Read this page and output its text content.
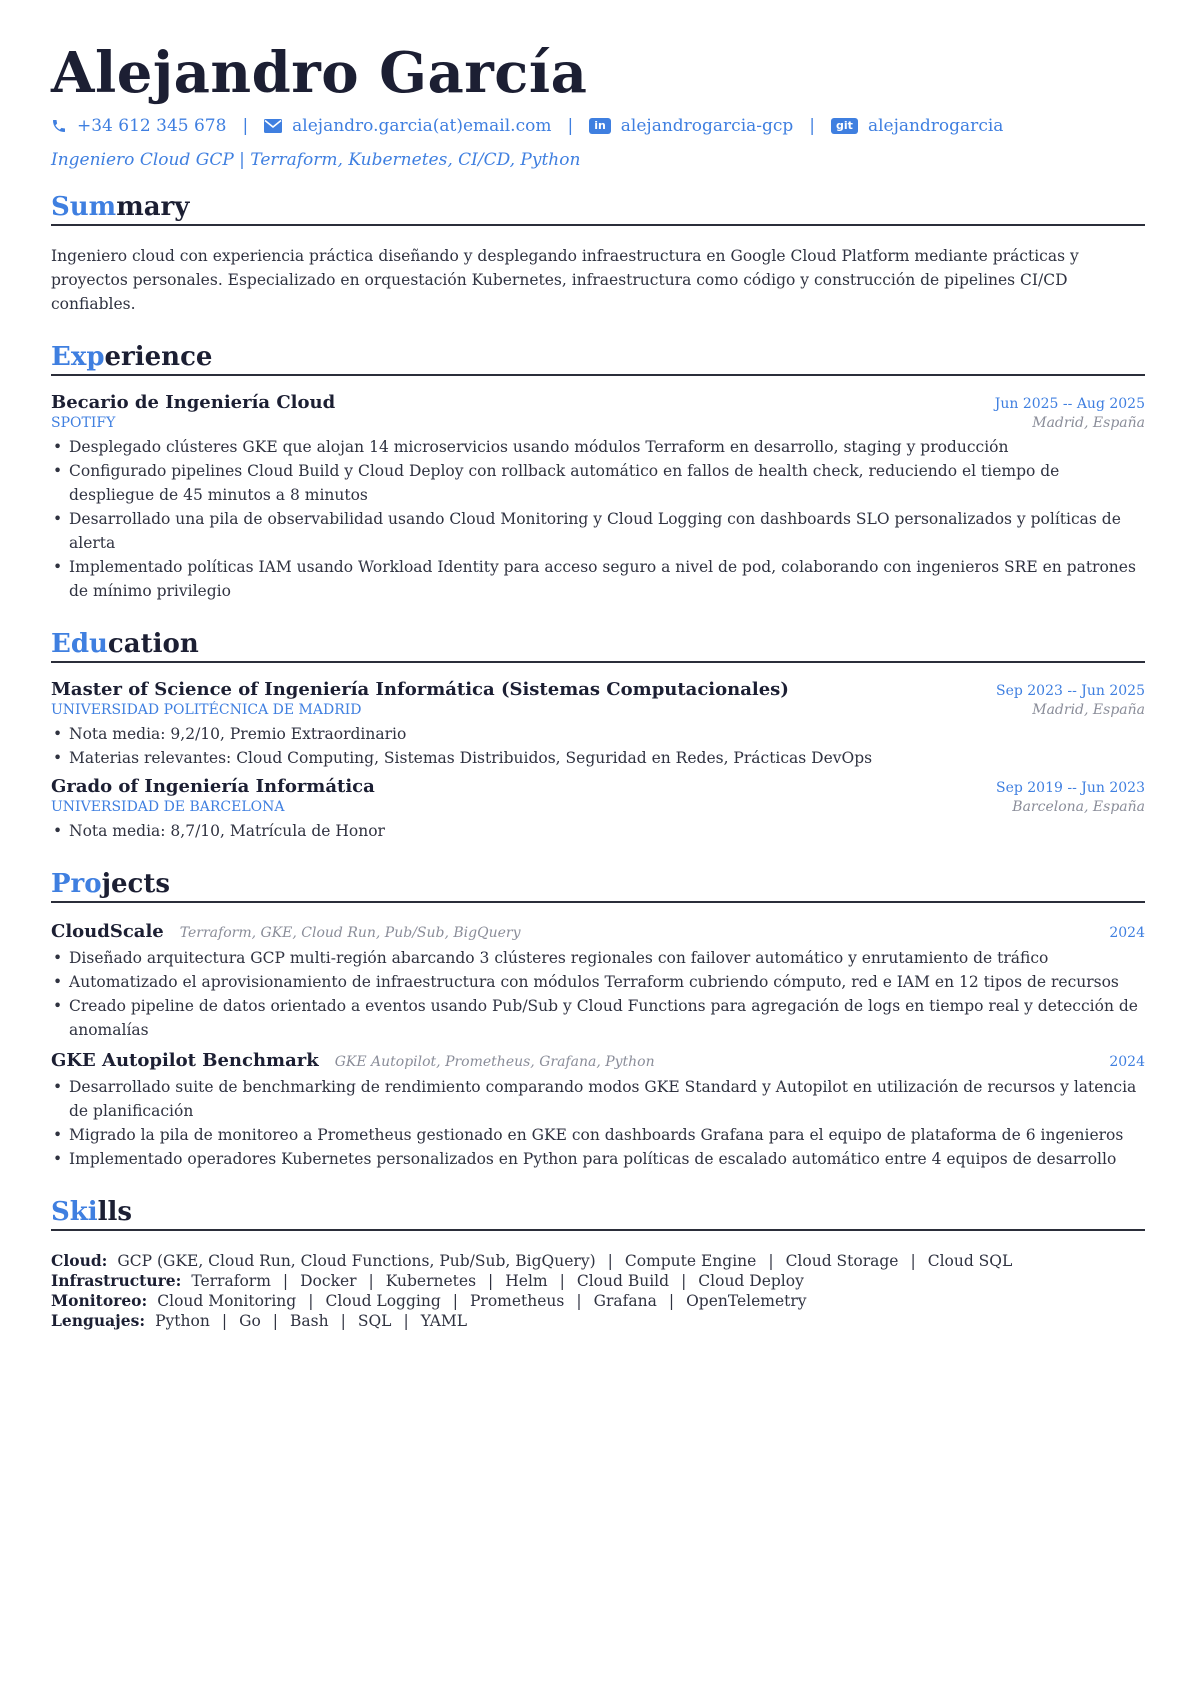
Alejandro García
+34 612 345 678 |	alejandro.garcia(at)email.com |	in alejandrogarcia-gcp |	git alejandrogarcia
Ingeniero Cloud GCP | Terraform, Kubernetes, CI/CD, Python
Summary
Ingeniero cloud con experiencia práctica diseñando y desplegando infraestructura en Google Cloud Platform mediante prácticas y proyectos personales. Especializado en orquestación Kubernetes, infraestructura como código y construcción de pipelines CI/CD confiables.
Experience
Becario de Ingeniería Cloud	Jun 2025 -- Aug 2025
SPOTIFY	Madrid, España
• Desplegado clústeres GKE que alojan 14 microservicios usando módulos Terraform en desarrollo, staging y producción
• Configurado pipelines Cloud Build y Cloud Deploy con rollback automático en fallos de health check, reduciendo el tiempo de despliegue de 45 minutos a 8 minutos
• Desarrollado una pila de observabilidad usando Cloud Monitoring y Cloud Logging con dashboards SLO personalizados y políticas de alerta
• Implementado políticas IAM usando Workload Identity para acceso seguro a nivel de pod, colaborando con ingenieros SRE en patrones de mínimo privilegio
Education
Master of Science of Ingeniería Informática (Sistemas Computacionales)	Sep 2023 -- Jun 2025
UNIVERSIDAD POLITÉCNICA DE MADRID	Madrid, España
• Nota media: 9,2/10, Premio Extraordinario
• Materias relevantes: Cloud Computing, Sistemas Distribuidos, Seguridad en Redes, Prácticas DevOps
Grado of Ingeniería Informática	Sep 2019 -- Jun 2023
UNIVERSIDAD DE BARCELONA	Barcelona, España
• Nota media: 8,7/10, Matrícula de Honor
Projects
CloudScale Terraform, GKE, Cloud Run, Pub/Sub, BigQuery	2024
• Diseñado arquitectura GCP multi-región abarcando 3 clústeres regionales con failover automático y enrutamiento de tráfico
• Automatizado el aprovisionamiento de infraestructura con módulos Terraform cubriendo cómputo, red e IAM en 12 tipos de recursos
• Creado pipeline de datos orientado a eventos usando Pub/Sub y Cloud Functions para agregación de logs en tiempo real y detección de anomalías
GKE Autopilot Benchmark GKE Autopilot, Prometheus, Grafana, Python	2024
• Desarrollado suite de benchmarking de rendimiento comparando modos GKE Standard y Autopilot en utilización de recursos y latencia de planificación
• Migrado la pila de monitoreo a Prometheus gestionado en GKE con dashboards Grafana para el equipo de plataforma de 6 ingenieros
• Implementado operadores Kubernetes personalizados en Python para políticas de escalado automático entre 4 equipos de desarrollo
Skills
Cloud: GCP (GKE, Cloud Run, Cloud Functions, Pub/Sub, BigQuery) | Compute Engine | Cloud Storage | Cloud SQL
Infrastructure: Terraform | Docker | Kubernetes | Helm | Cloud Build | Cloud Deploy
Monitoreo: Cloud Monitoring | Cloud Logging | Prometheus | Grafana | OpenTelemetry
Lenguajes: Python | Go | Bash | SQL | YAML
